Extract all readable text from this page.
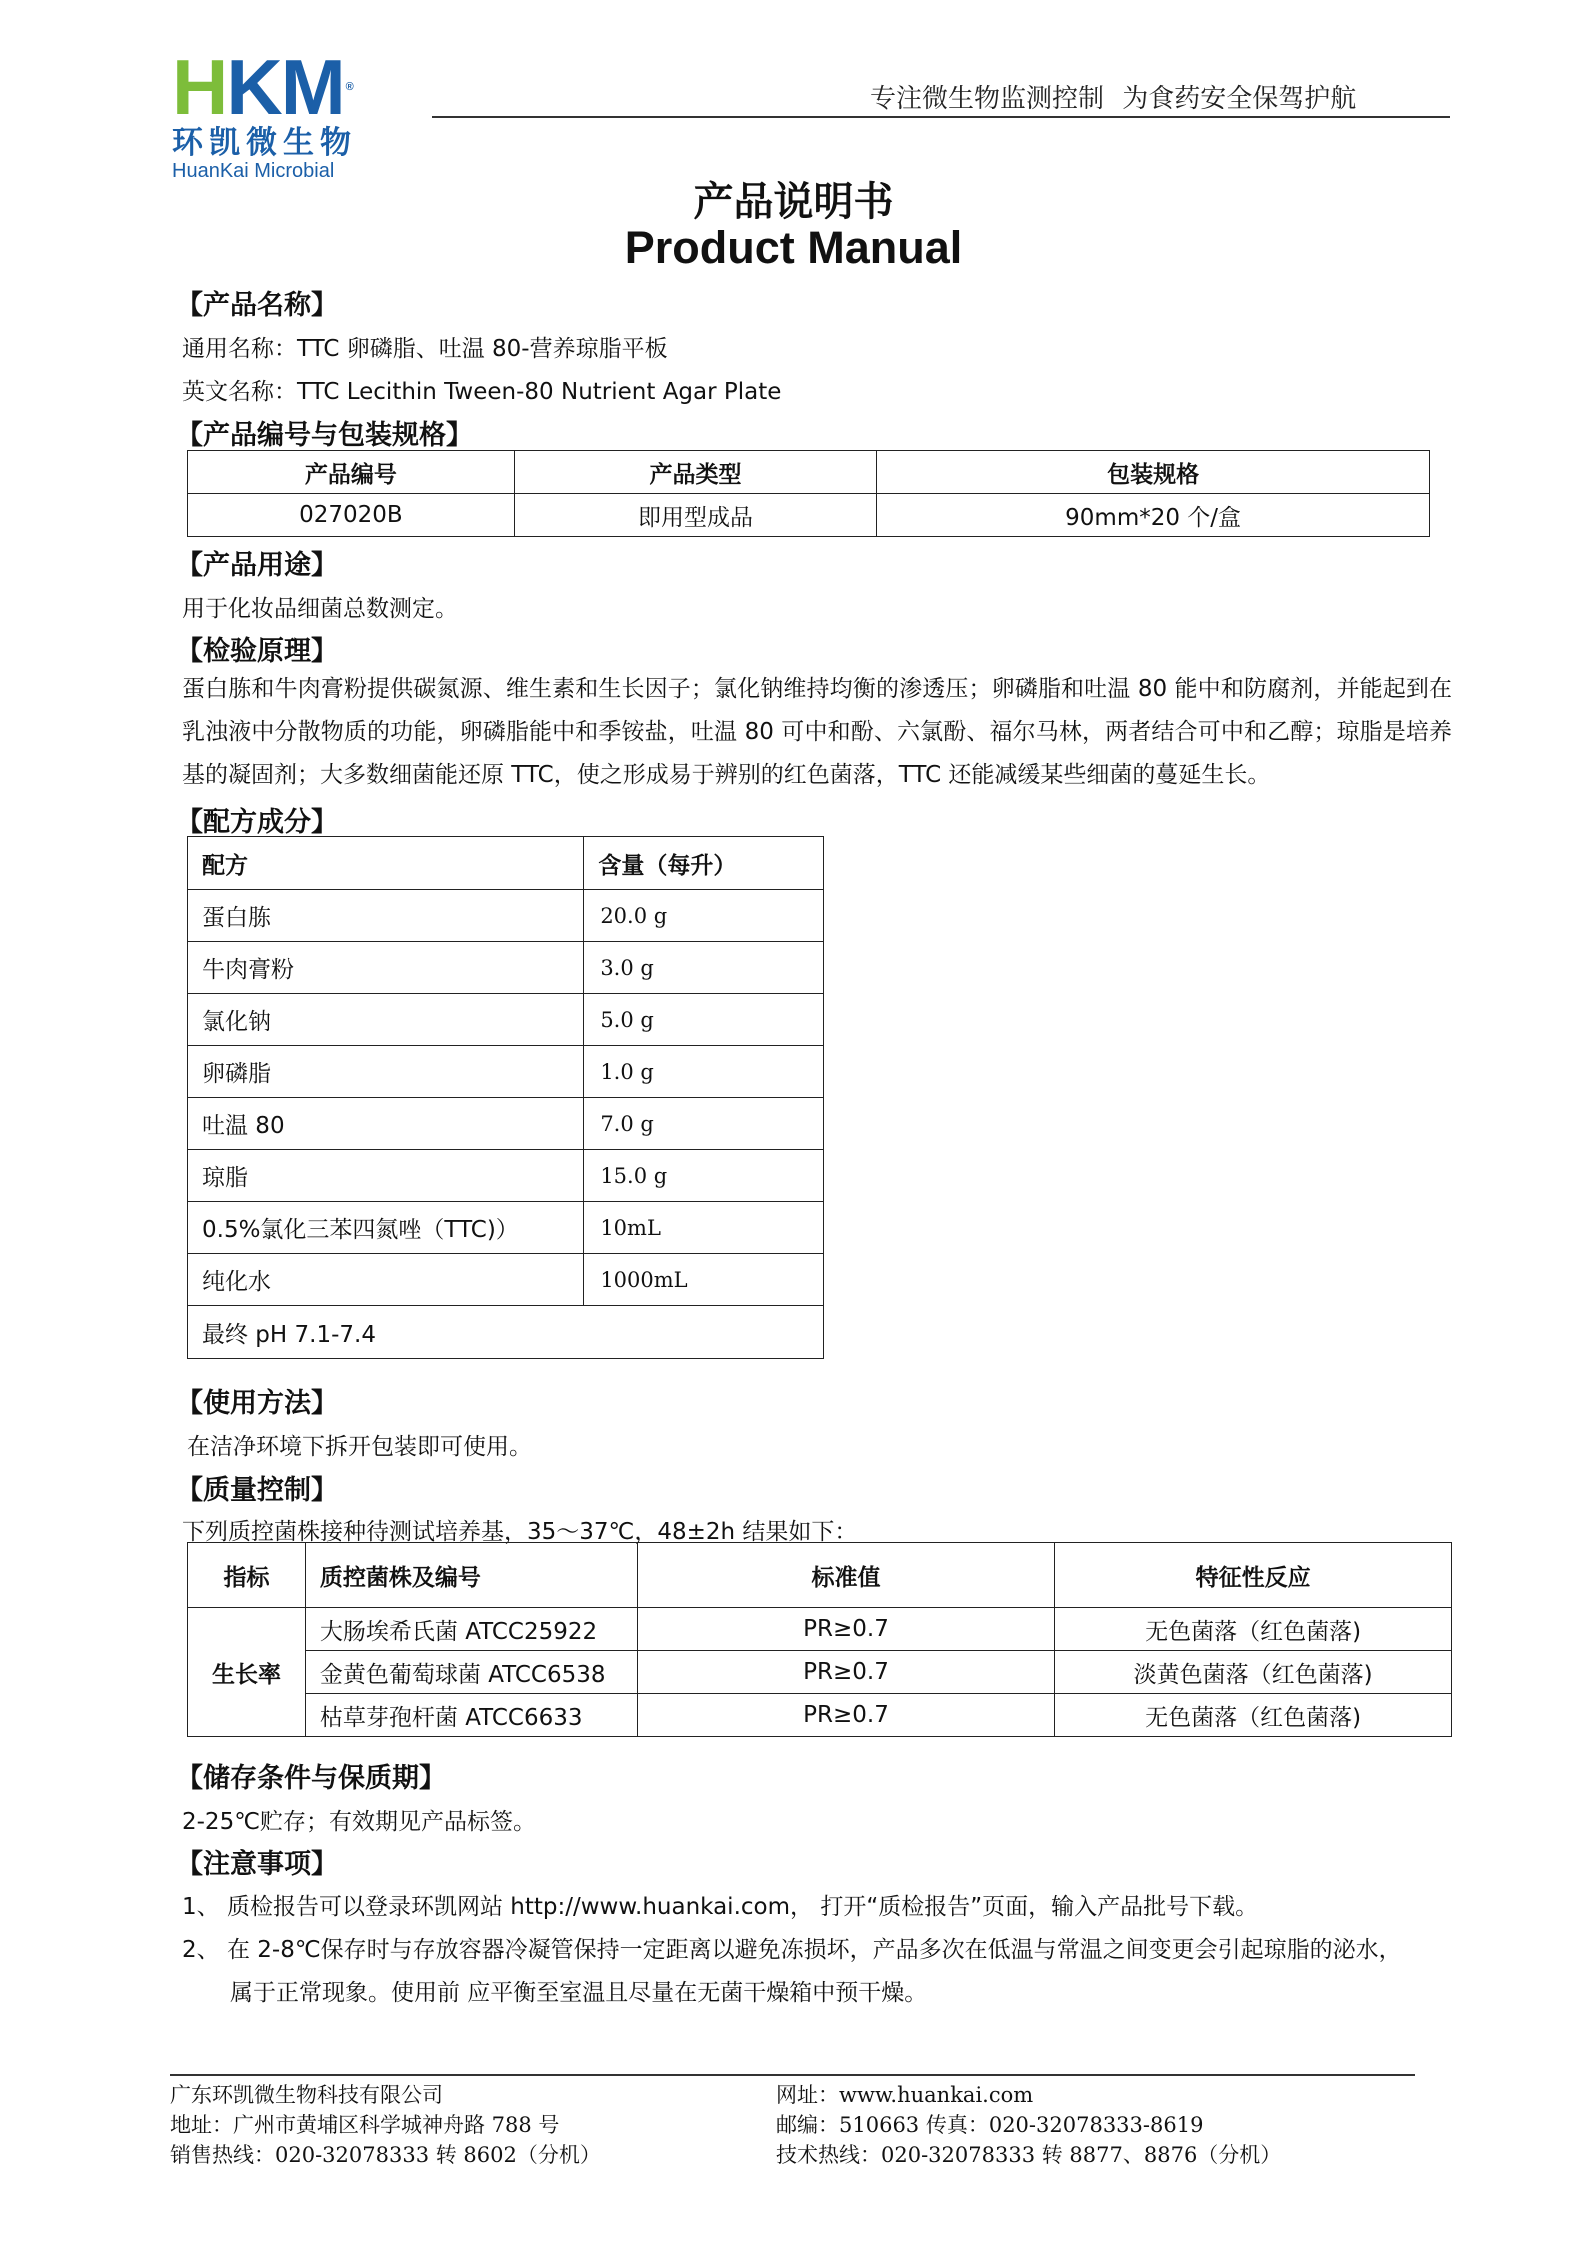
HKM ®
环凯微生物
HuanKai Microbial
专注微生物监测控制 为食药安全保驾护航
产品说明书
Product Manual
【产品名称】
通用名称：TTC 卵磷脂、吐温 80-营养琼脂平板
英文名称：TTC Lecithin Tween-80 Nutrient Agar Plate
【产品编号与包装规格】
产品编号	产品类型	包装规格
027020B	即用型成品	90mm*20 个/盒
【产品用途】
用于化妆品细菌总数测定。
【检验原理】
蛋白胨和牛肉膏粉提供碳氮源、维生素和生长因子；氯化钠维持均衡的渗透压；卵磷脂和吐温 80 能中和防腐剂，并能起到在乳浊液中分散物质的功能，卵磷脂能中和季铵盐，吐温 80 可中和酚、六氯酚、福尔马林，两者结合可中和乙醇；琼脂是培养基的凝固剂；大多数细菌能还原 TTC，使之形成易于辨别的红色菌落，TTC 还能减缓某些细菌的蔓延生长。
【配方成分】
配方	含量（每升）
蛋白胨	20.0 g
牛肉膏粉	3.0 g
氯化钠	5.0 g
卵磷脂	1.0 g
吐温 80	7.0 g
琼脂	15.0 g
0.5%氯化三苯四氮唑（TTC)）	10mL
纯化水	1000mL
最终 pH 7.1-7.4	
【使用方法】
在洁净环境下拆开包装即可使用。
【质量控制】
下列质控菌株接种待测试培养基，35～37℃，48±2h 结果如下：
指标	质控菌株及编号	标准值	特征性反应
生长率	大肠埃希氏菌 ATCC25922	PR≥0.7	无色菌落（红色菌落)
	金黄色葡萄球菌 ATCC6538	PR≥0.7	淡黄色菌落（红色菌落)
	枯草芽孢杆菌 ATCC6633	PR≥0.7	无色菌落（红色菌落)
【储存条件与保质期】
2-25℃贮存；有效期见产品标签。
【注意事项】
1、 质检报告可以登录环凯网站 http://www.huankai.com， 打开“质检报告”页面，输入产品批号下载。
2、 在 2-8℃保存时与存放容器冷凝管保持一定距离以避免冻损坏，产品多次在低温与常温之间变更会引起琼脂的泌水，
属于正常现象。使用前 应平衡至室温且尽量在无菌干燥箱中预干燥。
广东环凯微生物科技有限公司
地址：广州市黄埔区科学城神舟路 788 号
销售热线：020-32078333 转 8602（分机）
网址：www.huankai.com
邮编：510663 传真：020-32078333-8619
技术热线：020-32078333 转 8877、8876（分机）
